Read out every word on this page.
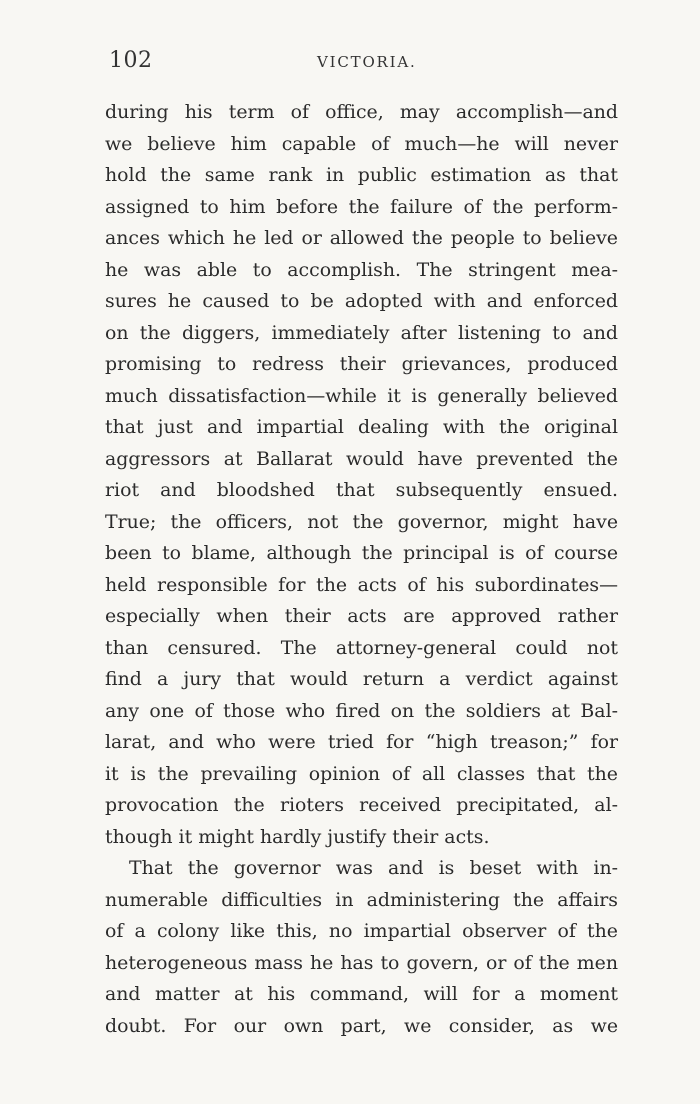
102	VICTORIA.
during his term of office, may accomplish—and
we believe him capable of much—he will never
hold the same rank in public estimation as that
assigned to him before the failure of the perform-
ances which he led or allowed the people to believe
he was able to accomplish. The stringent mea-
sures he caused to be adopted with and enforced
on the diggers, immediately after listening to and
promising to redress their grievances, produced
much dissatisfaction—while it is generally believed
that just and impartial dealing with the original
aggressors at Ballarat would have prevented the
riot and bloodshed that subsequently ensued.
True; the officers, not the governor, might have
been to blame, although the principal is of course
held responsible for the acts of his subordinates—
especially when their acts are approved rather
than censured. The attorney-general could not
find a jury that would return a verdict against
any one of those who fired on the soldiers at Bal-
larat, and who were tried for “high treason;” for
it is the prevailing opinion of all classes that the
provocation the rioters received precipitated, al-
though it might hardly justify their acts.
That the governor was and is beset with in-
numerable difficulties in administering the affairs
of a colony like this, no impartial observer of the
heterogeneous mass he has to govern, or of the men
and matter at his command, will for a moment
doubt. For our own part, we consider, as we
